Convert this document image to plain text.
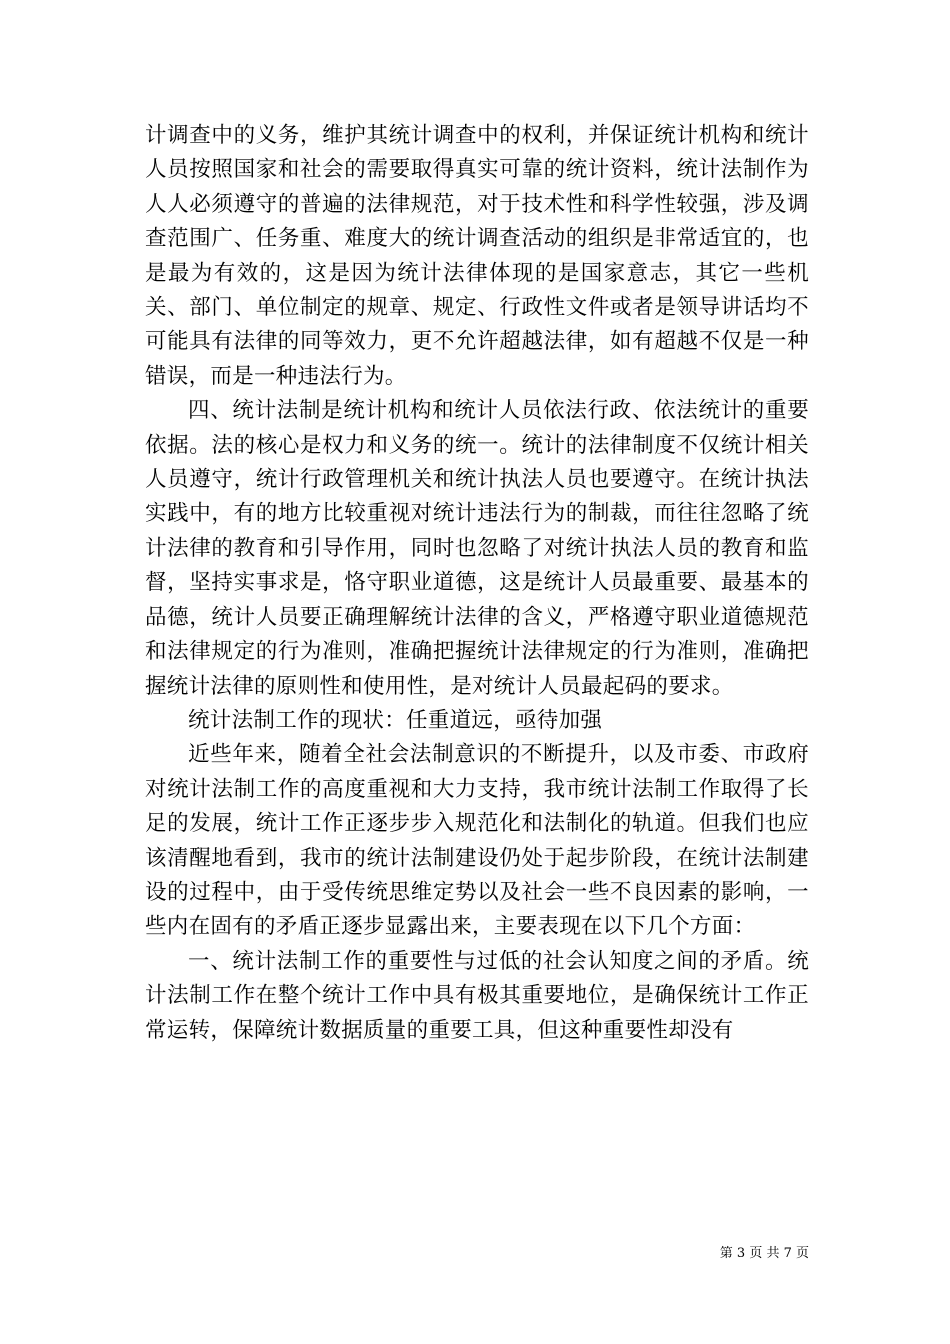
计调查中的义务，维护其统计调查中的权利，并保证统计机构和统计人员按照国家和社会的需要取得真实可靠的统计资料，统计法制作为人人必须遵守的普遍的法律规范，对于技术性和科学性较强，涉及调查范围广、任务重、难度大的统计调查活动的组织是非常适宜的，也是最为有效的，这是因为统计法律体现的是国家意志，其它一些机关、部门、单位制定的规章、规定、行政性文件或者是领导讲话均不可能具有法律的同等效力，更不允许超越法律，如有超越不仅是一种错误，而是一种违法行为。

四、统计法制是统计机构和统计人员依法行政、依法统计的重要依据。法的核心是权力和义务的统一。统计的法律制度不仅统计相关人员遵守，统计行政管理机关和统计执法人员也要遵守。在统计执法实践中，有的地方比较重视对统计违法行为的制裁，而往往忽略了统计法律的教育和引导作用，同时也忽略了对统计执法人员的教育和监督，坚持实事求是，恪守职业道德，这是统计人员最重要、最基本的品德，统计人员要正确理解统计法律的含义，严格遵守职业道德规范和法律规定的行为准则，准确把握统计法律规定的行为准则，准确把握统计法律的原则性和使用性，是对统计人员最起码的要求。

统计法制工作的现状：任重道远，亟待加强

近些年来，随着全社会法制意识的不断提升，以及市委、市政府对统计法制工作的高度重视和大力支持，我市统计法制工作取得了长足的发展，统计工作正逐步步入规范化和法制化的轨道。但我们也应该清醒地看到，我市的统计法制建设仍处于起步阶段，在统计法制建设的过程中，由于受传统思维定势以及社会一些不良因素的影响，一些内在固有的矛盾正逐步显露出来，主要表现在以下几个方面：

一、统计法制工作的重要性与过低的社会认知度之间的矛盾。统计法制工作在整个统计工作中具有极其重要地位，是确保统计工作正常运转，保障统计数据质量的重要工具，但这种重要性却没有

第 3 页 共 7 页
